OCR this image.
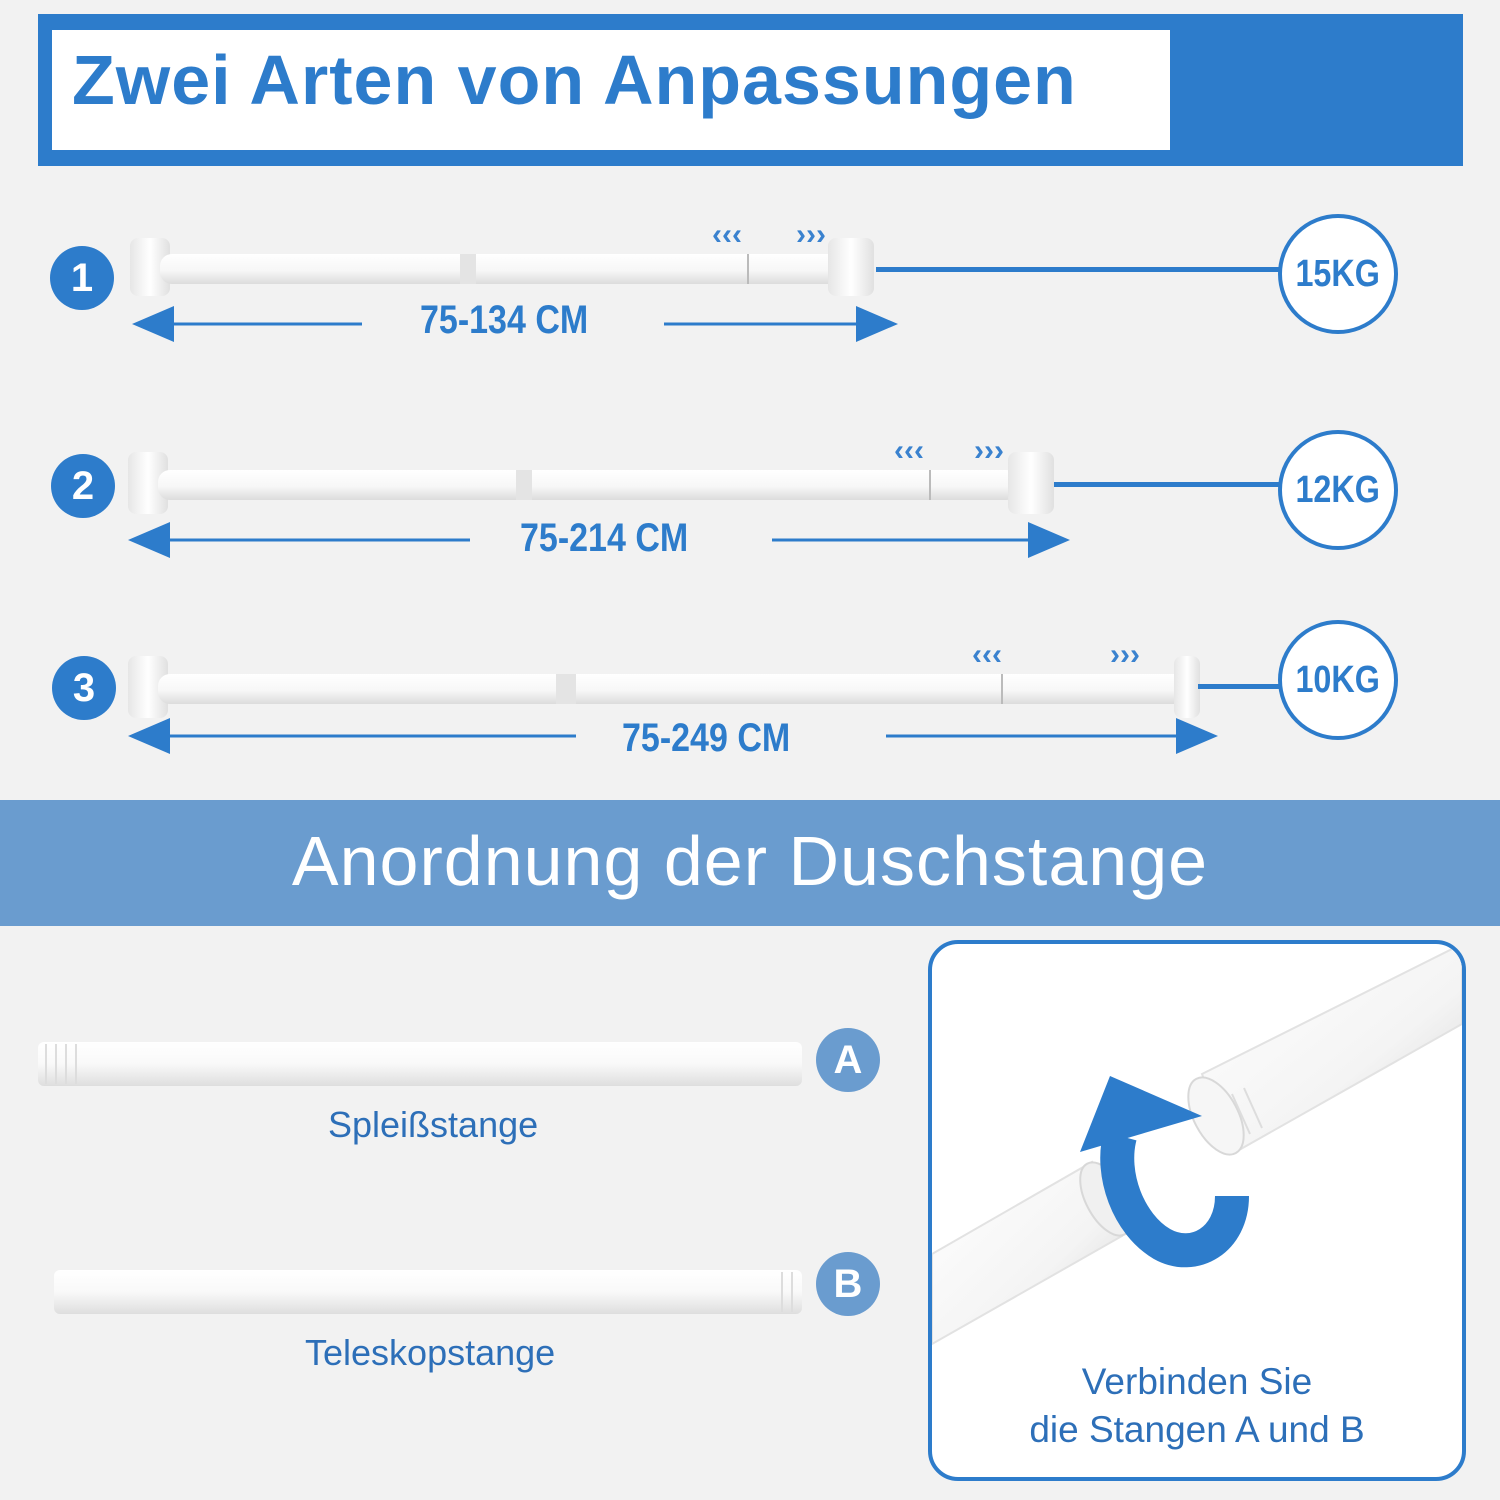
Zwei Arten von Anpassungen
‹‹‹ ›››
‹‹‹ ›››
‹‹‹	›››
1
75-134 CM
15KG
2
75-214 CM
12KG
3
75-249 CM
10KG
Anordnung der Duschstange
A
Spleißstange
B
Teleskopstange
Verbinden Sie
die Stangen A und B
